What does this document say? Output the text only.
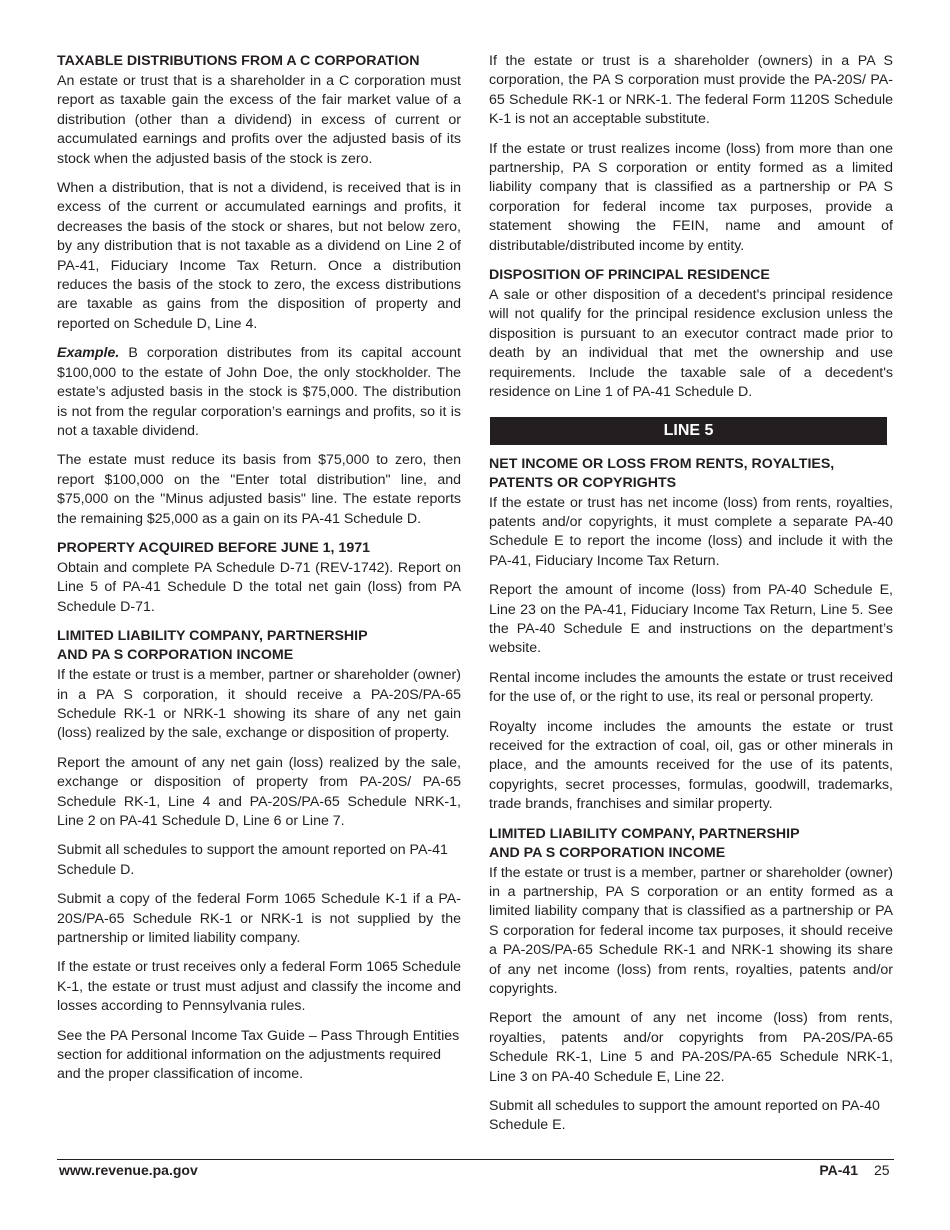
TAXABLE DISTRIBUTIONS FROM A C CORPORATION

An estate or trust that is a shareholder in a C corporation must report as taxable gain the excess of the fair market value of a distribution (other than a dividend) in excess of current or accumulated earnings and profits over the adjusted basis of its stock when the adjusted basis of the stock is zero.

When a distribution, that is not a dividend, is received that is in excess of the current or accumulated earnings and profits, it decreases the basis of the stock or shares, but not below zero, by any distribution that is not taxable as a dividend on Line 2 of PA-41, Fiduciary Income Tax Return. Once a distribution reduces the basis of the stock to zero, the excess distributions are taxable as gains from the disposition of property and reported on Schedule D, Line 4.

Example. B corporation distributes from its capital account $100,000 to the estate of John Doe, the only stockholder. The estate’s adjusted basis in the stock is $75,000. The distribution is not from the regular corporation’s earnings and profits, so it is not a taxable dividend.

The estate must reduce its basis from $75,000 to zero, then report $100,000 on the "Enter total distribution" line, and $75,000 on the "Minus adjusted basis" line. The estate reports the remaining $25,000 as a gain on its PA-41 Schedule D.

PROPERTY ACQUIRED BEFORE JUNE 1, 1971

Obtain and complete PA Schedule D-71 (REV-1742). Report on Line 5 of PA-41 Schedule D the total net gain (loss) from PA Schedule D-71.

LIMITED LIABILITY COMPANY, PARTNERSHIP
AND PA S CORPORATION INCOME

If the estate or trust is a member, partner or shareholder (owner) in a PA S corporation, it should receive a PA-20S/PA-65 Schedule RK-1 or NRK-1 showing its share of any net gain (loss) realized by the sale, exchange or disposition of property.

Report the amount of any net gain (loss) realized by the sale, exchange or disposition of property from PA-20S/ PA-65 Schedule RK-1, Line 4 and PA-20S/PA-65 Schedule NRK-1, Line 2 on PA-41 Schedule D, Line 6 or Line 7.

Submit all schedules to support the amount reported on PA-41 Schedule D.

Submit a copy of the federal Form 1065 Schedule K-1 if a PA-20S/PA-65 Schedule RK-1 or NRK-1 is not supplied by the partnership or limited liability company.

If the estate or trust receives only a federal Form 1065 Schedule K-1, the estate or trust must adjust and classify the income and losses according to Pennsylvania rules.

See the PA Personal Income Tax Guide – Pass Through Entities section for additional information on the adjustments required and the proper classification of income.

If the estate or trust is a shareholder (owners) in a PA S corporation, the PA S corporation must provide the PA-20S/ PA-65 Schedule RK-1 or NRK-1. The federal Form 1120S Schedule K-1 is not an acceptable substitute.

If the estate or trust realizes income (loss) from more than one partnership, PA S corporation or entity formed as a limited liability company that is classified as a partnership or PA S corporation for federal income tax purposes, provide a statement showing the FEIN, name and amount of distributable/distributed income by entity.

DISPOSITION OF PRINCIPAL RESIDENCE

A sale or other disposition of a decedent's principal residence will not qualify for the principal residence exclusion unless the disposition is pursuant to an executor contract made prior to death by an individual that met the ownership and use requirements. Include the taxable sale of a decedent's residence on Line 1 of PA-41 Schedule D.

LINE 5
NET INCOME OR LOSS FROM RENTS, ROYALTIES,
PATENTS OR COPYRIGHTS

If the estate or trust has net income (loss) from rents, royalties, patents and/or copyrights, it must complete a separate PA-40 Schedule E to report the income (loss) and include it with the PA-41, Fiduciary Income Tax Return.

Report the amount of income (loss) from PA-40 Schedule E, Line 23 on the PA-41, Fiduciary Income Tax Return, Line 5. See the PA-40 Schedule E and instructions on the department’s website.

Rental income includes the amounts the estate or trust received for the use of, or the right to use, its real or personal property.

Royalty income includes the amounts the estate or trust received for the extraction of coal, oil, gas or other minerals in place, and the amounts received for the use of its patents, copyrights, secret processes, formulas, goodwill, trademarks, trade brands, franchises and similar property.

LIMITED LIABILITY COMPANY, PARTNERSHIP
AND PA S CORPORATION INCOME

If the estate or trust is a member, partner or shareholder (owner) in a partnership, PA S corporation or an entity formed as a limited liability company that is classified as a partnership or PA S corporation for federal income tax purposes, it should receive a PA-20S/PA-65 Schedule RK-1 and NRK-1 showing its share of any net income (loss) from rents, royalties, patents and/or copyrights.

Report the amount of any net income (loss) from rents, royalties, patents and/or copyrights from PA-20S/PA-65 Schedule RK-1, Line 5 and PA-20S/PA-65 Schedule NRK-1, Line 3 on PA-40 Schedule E, Line 22.

Submit all schedules to support the amount reported on PA-40 Schedule E.

www.revenue.pa.gov	PA-41 25
